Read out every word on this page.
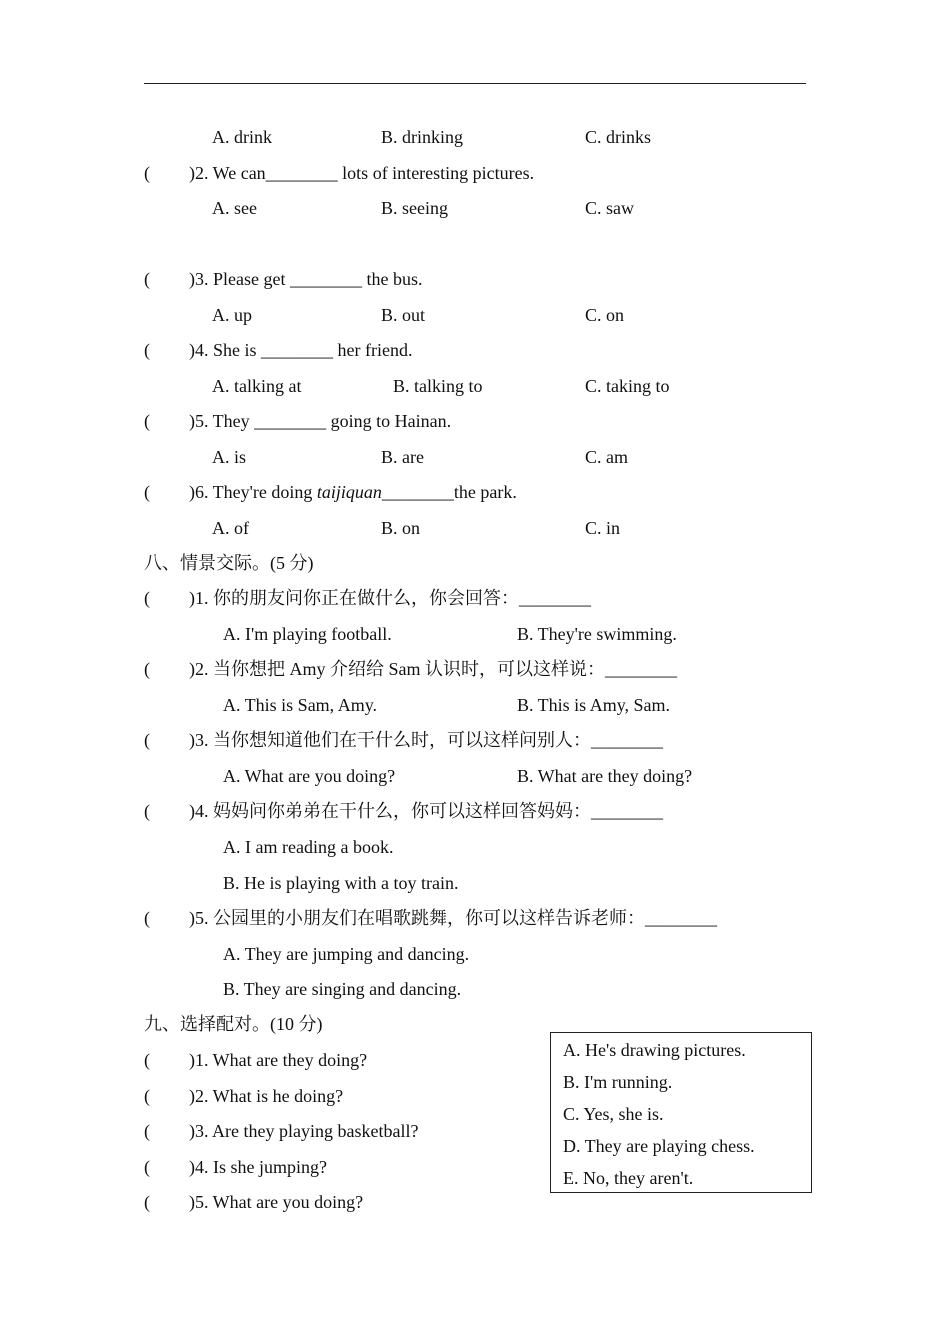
A. drink	B. drinking	C. drinks
( )2. We can________ lots of interesting pictures.
A. see	B. seeing	C. saw
( )3. Please get ________ the bus.
A. up	B. out	C. on
( )4. She is ________ her friend.
A. talking at	B. talking to	C. taking to
( )5. They ________ going to Hainan.
A. is	B. are	C. am
( )6. They're doing taijiquan________the park.
A. of	B. on	C. in
八、情景交际。(5 分)
( )1. 你的朋友问你正在做什么，你会回答：________
A. I'm playing football.	B. They're swimming.
( )2. 当你想把 Amy 介绍给 Sam 认识时，可以这样说：________
A. This is Sam, Amy.	B. This is Amy, Sam.
( )3. 当你想知道他们在干什么时，可以这样问别人：________
A. What are you doing?	B. What are they doing?
( )4. 妈妈问你弟弟在干什么，你可以这样回答妈妈：________
A. I am reading a book.
B. He is playing with a toy train.
( )5. 公园里的小朋友们在唱歌跳舞，你可以这样告诉老师：________
A. They are jumping and dancing.
B. They are singing and dancing.
九、选择配对。(10 分)
( )1. What are they doing?
( )2. What is he doing?
( )3. Are they playing basketball?
( )4. Is she jumping?
( )5. What are you doing?
A. He's drawing pictures.
B. I'm running.
C. Yes, she is.
D. They are playing chess.
E. No, they aren't.
